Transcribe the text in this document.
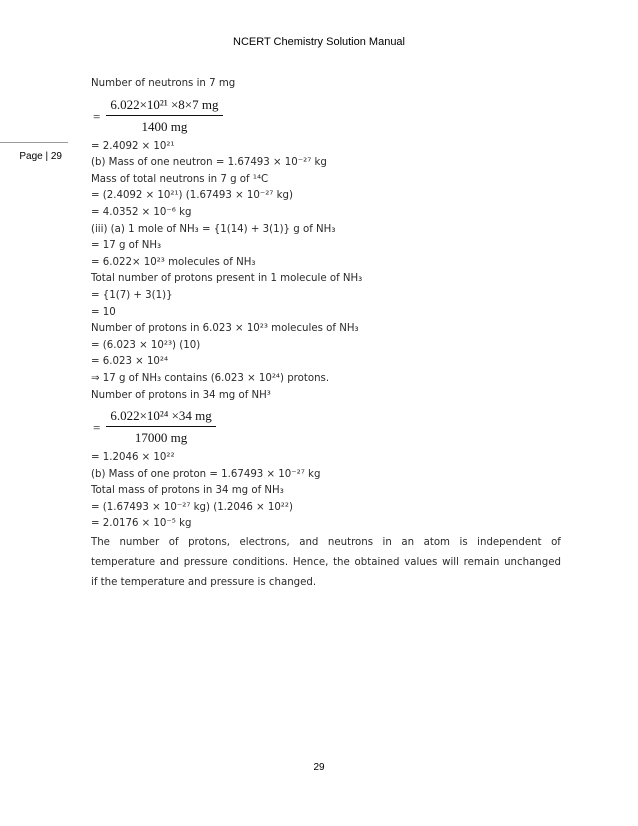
NCERT Chemistry Solution Manual
Page | 29
Number of neutrons in 7 mg
= $\frac{\text{6.022×10²¹ ×8×7 mg}}{1400 mg}$
= 2.4092 × 10²¹
(b) Mass of one neutron = 1.67493 × 10⁻²⁷ kg
Mass of total neutrons in 7 g of ¹⁴C
= (2.4092 × 10²¹) (1.67493 × 10⁻²⁷ kg)
= 4.0352 × 10⁻⁶ kg
(iii) (a) 1 mole of NH₃ = {1(14) + 3(1)} g of NH₃
= 17 g of NH₃
= 6.022× 10²³ molecules of NH₃
Total number of protons present in 1 molecule of NH₃
= {1(7) + 3(1)}
= 10
Number of protons in 6.023 × 10²³ molecules of NH₃
= (6.023 × 10²³) (10)
= 6.023 × 10²⁴
⇒ 17 g of NH₃ contains (6.023 × 10²⁴) protons.
Number of protons in 34 mg of NH³
= $\frac{\text{6.022×10²⁴ ×34 mg}}{17000 mg}$
= 1.2046 × 10²²
(b) Mass of one proton = 1.67493 × 10⁻²⁷ kg
Total mass of protons in 34 mg of NH₃
= (1.67493 × 10⁻²⁷ kg) (1.2046 × 10²²)
= 2.0176 × 10⁻⁵ kg
The number of protons, electrons, and neutrons in an atom is independent of
temperature and pressure conditions. Hence, the obtained values will remain unchanged
if the temperature and pressure is changed.
29
